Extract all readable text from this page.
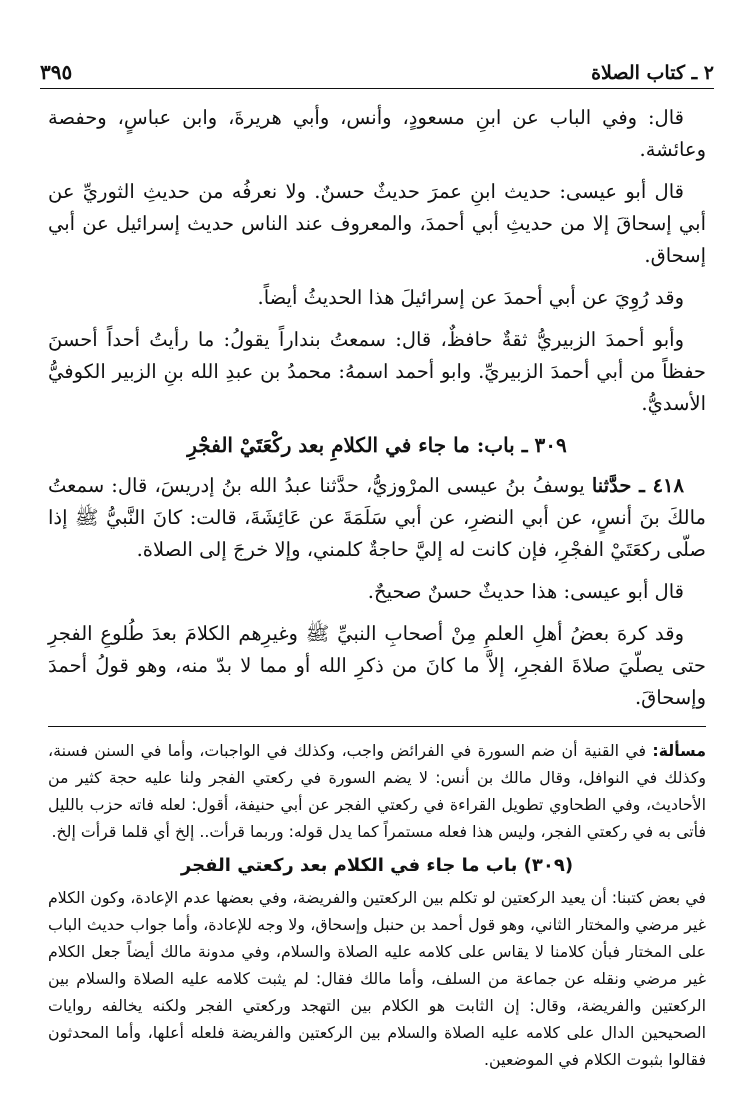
٢ ـ كتاب الصلاة
٣٩٥

قال: وفي الباب عن ابنِ مسعودٍ، وأنس، وأبي هريرةَ، وابن عباسٍ، وحفصة وعائشة.

قال أبو عيسى: حديث ابنِ عمرَ حديثٌ حسنٌ. ولا نعرفُه من حديثِ الثوريِّ عن أبي إسحاقَ إلا من حديثِ أبي أحمدَ، والمعروف عند الناس حديث إسرائيل عن أبي إسحاق.

وقد رُوِيَ عن أبي أحمدَ عن إسرائيلَ هذا الحديثُ أيضاً.

وأبو أحمدَ الزبيريُّ ثقةٌ حافظٌ، قال: سمعتُ بنداراً يقولُ: ما رأيتُ أحداً أحسنَ حفظاً من أبي أحمدَ الزبيريِّ. وابو أحمد اسمهُ: محمدُ بن عبدِ الله بنِ الزبير الكوفيُّ الأسديُّ.

٣٠٩ ـ باب: ما جاء في الكلامِ بعد ركْعَتَيْ الفجْرِ

٤١٨ ـ حدَّثنا يوسفُ بنُ عيسى المرْوزيُّ، حدَّثنا عبدُ الله بنُ إدريسَ، قال: سمعتُ مالكَ بنَ أنسٍ، عن أبي النضرِ، عن أبي سَلَمَةَ عن عَائِشَةَ، قالت: كانَ النَّبيُّ ﷺ إذا صلّى ركعَتَيْ الفجْرِ، فإن كانت له إليَّ حاجةٌ كلمني، وإلا خرجَ إلى الصلاة.

قال أبو عيسى: هذا حديثٌ حسنٌ صحيحٌ.

وقد كرهَ بعضُ أهلِ العلمِ مِنْ أصحابِ النبيِّ ﷺ وغيرِهم الكلامَ بعدَ طُلوعِ الفجرِ حتى يصلّيَ صلاةَ الفجرِ، إلاَّ ما كانَ من ذكرِ الله أو مما لا بدّ منه، وهو قولُ أحمدَ وإسحاقَ.

مسألة: في القنية أن ضم السورة في الفرائض واجب، وكذلك في الواجبات، وأما في السنن فسنة، وكذلك في النوافل، وقال مالك بن أنس: لا يضم السورة في ركعتي الفجر ولنا عليه حجة كثير من الأحاديث، وفي الطحاوي تطويل القراءة في ركعتي الفجر عن أبي حنيفة، أقول: لعله فاته حزب بالليل فأتى به في ركعتي الفجر، وليس هذا فعله مستمراً كما يدل قوله: وربما قرأت.. إلخ أي قلما قرأت إلخ.

(٣٠٩) باب ما جاء في الكلام بعد ركعتي الفجر

في بعض كتبنا: أن يعيد الركعتين لو تكلم بين الركعتين والفريضة، وفي بعضها عدم الإعادة، وكون الكلام غير مرضي والمختار الثاني، وهو قول أحمد بن حنبل وإسحاق، ولا وجه للإعادة، وأما جواب حديث الباب على المختار فبأن كلامنا لا يقاس على كلامه عليه الصلاة والسلام، وفي مدونة مالك أيضاً جعل الكلام غير مرضي ونقله عن جماعة من السلف، وأما مالك فقال: لم يثبت كلامه عليه الصلاة والسلام بين الركعتين والفريضة، وقال: إن الثابت هو الكلام بين التهجد وركعتي الفجر ولكنه يخالفه روايات الصحيحين الدال على كلامه عليه الصلاة والسلام بين الركعتين والفريضة فلعله أعلها، وأما المحدثون فقالوا بثبوت الكلام في الموضعين.
